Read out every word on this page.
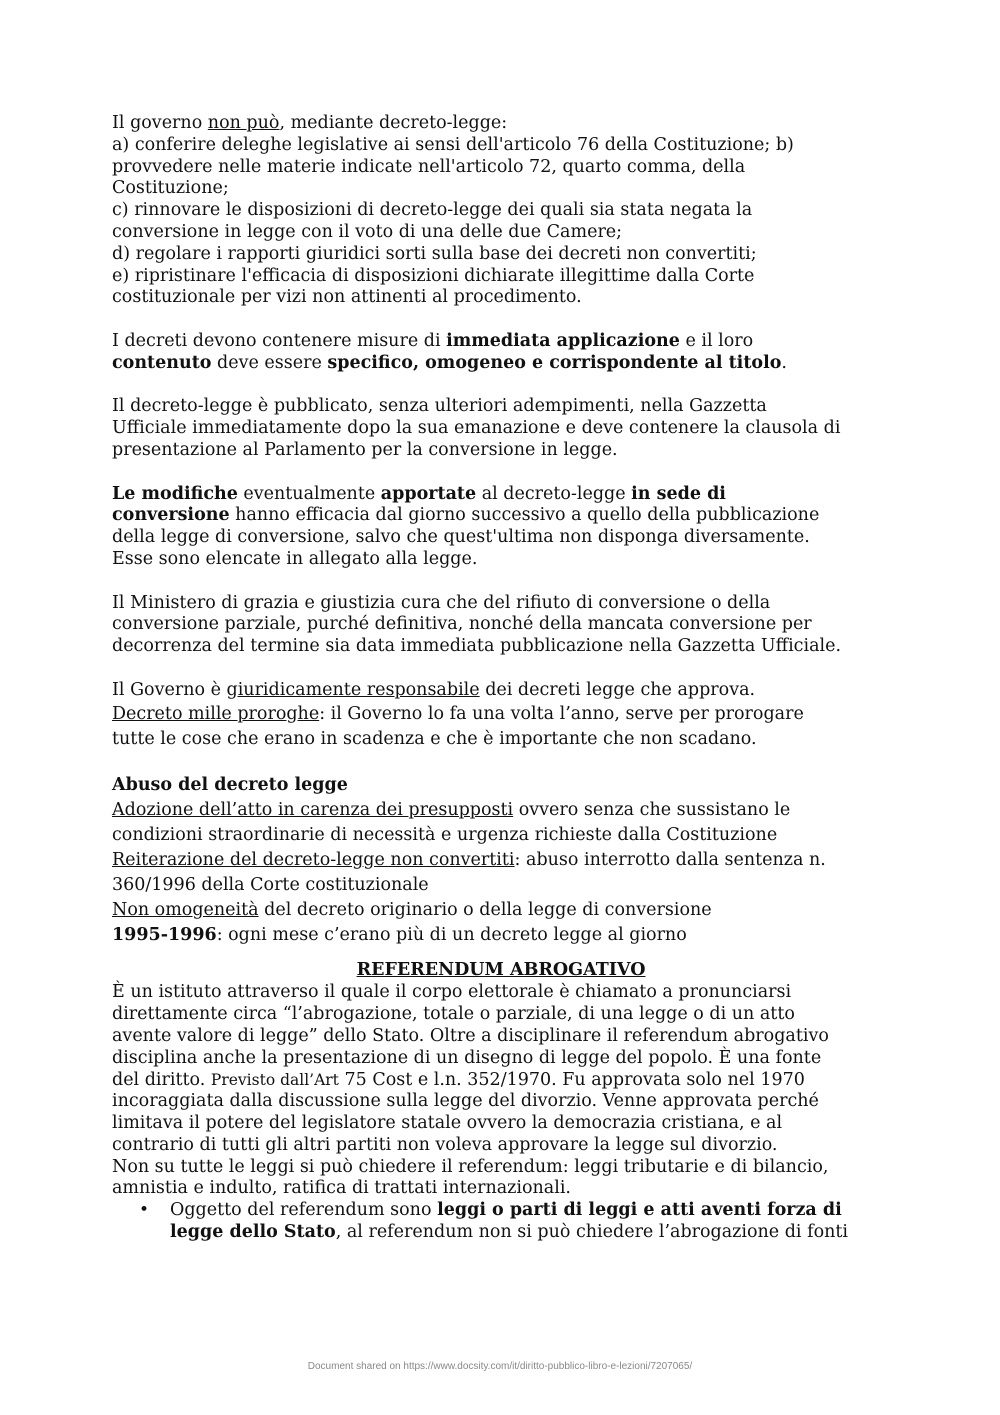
Il governo non può, mediante decreto-legge:
a) conferire deleghe legislative ai sensi dell'articolo 76 della Costituzione; b)
provvedere nelle materie indicate nell'articolo 72, quarto comma, della
Costituzione;
c) rinnovare le disposizioni di decreto-legge dei quali sia stata negata la
conversione in legge con il voto di una delle due Camere;
d) regolare i rapporti giuridici sorti sulla base dei decreti non convertiti;
e) ripristinare l'efficacia di disposizioni dichiarate illegittime dalla Corte
costituzionale per vizi non attinenti al procedimento.
I decreti devono contenere misure di immediata applicazione e il loro
contenuto deve essere specifico, omogeneo e corrispondente al titolo.
Il decreto-legge è pubblicato, senza ulteriori adempimenti, nella Gazzetta
Ufficiale immediatamente dopo la sua emanazione e deve contenere la clausola di
presentazione al Parlamento per la conversione in legge.
Le modifiche eventualmente apportate al decreto-legge in sede di
conversione hanno efficacia dal giorno successivo a quello della pubblicazione
della legge di conversione, salvo che quest'ultima non disponga diversamente.
Esse sono elencate in allegato alla legge.
Il Ministero di grazia e giustizia cura che del rifiuto di conversione o della
conversione parziale, purché definitiva, nonché della mancata conversione per
decorrenza del termine sia data immediata pubblicazione nella Gazzetta Ufficiale.
Il Governo è giuridicamente responsabile dei decreti legge che approva.
Decreto mille proroghe: il Governo lo fa una volta l’anno, serve per prorogare
tutte le cose che erano in scadenza e che è importante che non scadano.
Abuso del decreto legge
Adozione dell’atto in carenza dei presupposti ovvero senza che sussistano le
condizioni straordinarie di necessità e urgenza richieste dalla Costituzione
Reiterazione del decreto-legge non convertiti: abuso interrotto dalla sentenza n.
360/1996 della Corte costituzionale
Non omogeneità del decreto originario o della legge di conversione
1995-1996: ogni mese c’erano più di un decreto legge al giorno
REFERENDUM ABROGATIVO
È un istituto attraverso il quale il corpo elettorale è chiamato a pronunciarsi
direttamente circa “l’abrogazione, totale o parziale, di una legge o di un atto
avente valore di legge” dello Stato. Oltre a disciplinare il referendum abrogativo
disciplina anche la presentazione di un disegno di legge del popolo. È una fonte
del diritto. Previsto dall’Art 75 Cost e l.n. 352/1970. Fu approvata solo nel 1970
incoraggiata dalla discussione sulla legge del divorzio. Venne approvata perché
limitava il potere del legislatore statale ovvero la democrazia cristiana, e al
contrario di tutti gli altri partiti non voleva approvare la legge sul divorzio.
Non su tutte le leggi si può chiedere il referendum: leggi tributarie e di bilancio,
amnistia e indulto, ratifica di trattati internazionali.
• Oggetto del referendum sono leggi o parti di leggi e atti aventi forza di
legge dello Stato, al referendum non si può chiedere l’abrogazione di fonti
Document shared on https://www.docsity.com/it/diritto-pubblico-libro-e-lezioni/7207065/
